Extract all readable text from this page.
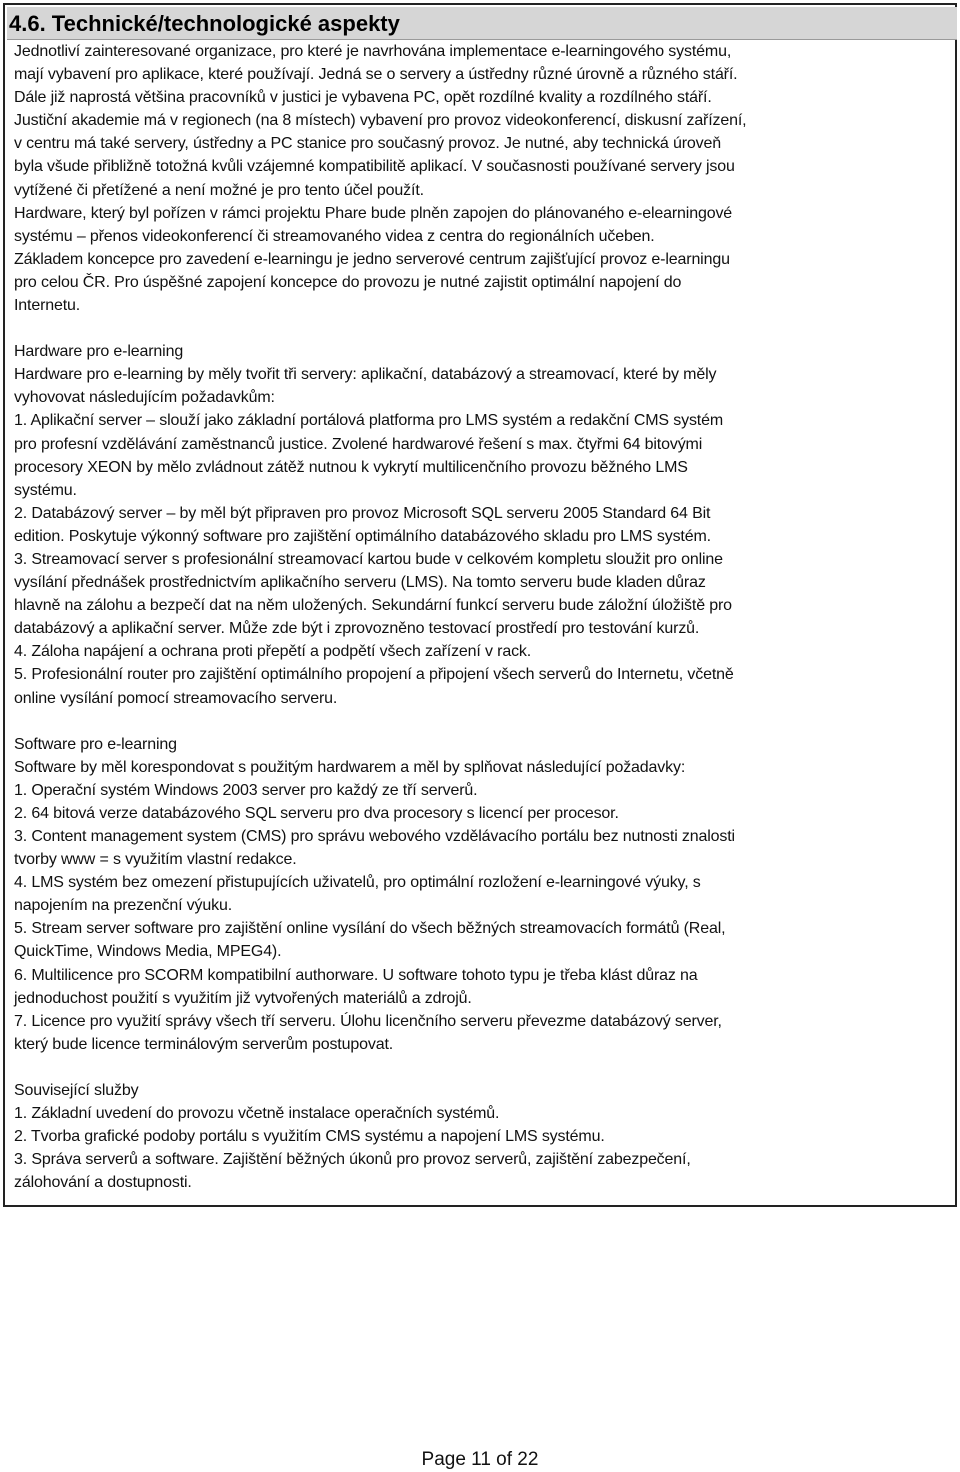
4.6. Technické/technologické aspekty

Jednotliví zainteresované organizace, pro které je navrhována implementace e-learningového systému,
mají vybavení pro aplikace, které používají. Jedná se o servery a ústředny různé úrovně a různého stáří.

Dále již naprostá většina pracovníků v justici je vybavena PC, opět rozdílné kvality a rozdílného stáří.

Justiční akademie má v regionech (na 8 místech) vybavení pro provoz videokonferencí, diskusní zařízení,
v centru má také servery, ústředny a PC stanice pro současný provoz. Je nutné, aby technická úroveň
byla všude přibližně totožná kvůli vzájemné kompatibilitě aplikací. V současnosti používané servery jsou
vytížené či přetížené a není možné je pro tento účel použít.

Hardware, který byl pořízen v rámci projektu Phare bude plněn zapojen do plánovaného e-elearningové
systému – přenos videokonferencí či streamovaného videa z centra do regionálních učeben.

Základem koncepce pro zavedení e-learningu je jedno serverové centrum zajišťující provoz e-learningu
pro celou ČR. Pro úspěšné zapojení koncepce do provozu je nutné zajistit optimální napojení do
Internetu.

Hardware pro e-learning

Hardware pro e-learning by měly tvořit tři servery: aplikační, databázový a streamovací, které by měly
vyhovovat následujícím požadavkům:

1. Aplikační server – slouží jako základní portálová platforma pro LMS systém a redakční CMS systém
pro profesní vzdělávání zaměstnanců justice. Zvolené hardwarové řešení s max. čtyřmi 64 bitovými
procesory XEON by mělo zvládnout zátěž nutnou k vykrytí multilicenčního provozu běžného LMS
systému.

2. Databázový server – by měl být připraven pro provoz Microsoft SQL serveru 2005 Standard 64 Bit
edition. Poskytuje výkonný software pro zajištění optimálního databázového skladu pro LMS systém.

3. Streamovací server s profesionální streamovací kartou bude v celkovém kompletu sloužit pro online
vysílání přednášek prostřednictvím aplikačního serveru (LMS). Na tomto serveru bude kladen důraz
hlavně na zálohu a bezpečí dat na něm uložených. Sekundární funkcí serveru bude záložní úložiště pro
databázový a aplikační server. Může zde být i zprovozněno testovací prostředí pro testování kurzů.

4. Záloha napájení a ochrana proti přepětí a podpětí všech zařízení v rack.

5. Profesionální router pro zajištění optimálního propojení a připojení všech serverů do Internetu, včetně
online vysílání pomocí streamovacího serveru.

Software pro e-learning

Software by měl korespondovat s použitým hardwarem a měl by splňovat následující požadavky:

1. Operační systém Windows 2003 server pro každý ze tří serverů.

2. 64 bitová verze databázového SQL serveru pro dva procesory s licencí per procesor.

3. Content management system (CMS) pro správu webového vzdělávacího portálu bez nutnosti znalosti
tvorby www = s využitím vlastní redakce.

4. LMS systém bez omezení přistupujících uživatelů, pro optimální rozložení e-learningové výuky, s
napojením na prezenční výuku.

5. Stream server software pro zajištění online vysílání do všech běžných streamovacích formátů (Real,
QuickTime, Windows Media, MPEG4).

6. Multilicence pro SCORM kompatibilní authorware. U software tohoto typu je třeba klást důraz na
jednoduchost použití s využitím již vytvořených materiálů a zdrojů.

7. Licence pro využití správy všech tří serveru. Úlohu licenčního serveru převezme databázový server,
který bude licence terminálovým serverům postupovat.

Související služby

1. Základní uvedení do provozu včetně instalace operačních systémů.

2. Tvorba grafické podoby portálu s využitím CMS systému a napojení LMS systému.

3. Správa serverů a software. Zajištění běžných úkonů pro provoz serverů, zajištění zabezpečení,
zálohování a dostupnosti.

Page 11 of 22
